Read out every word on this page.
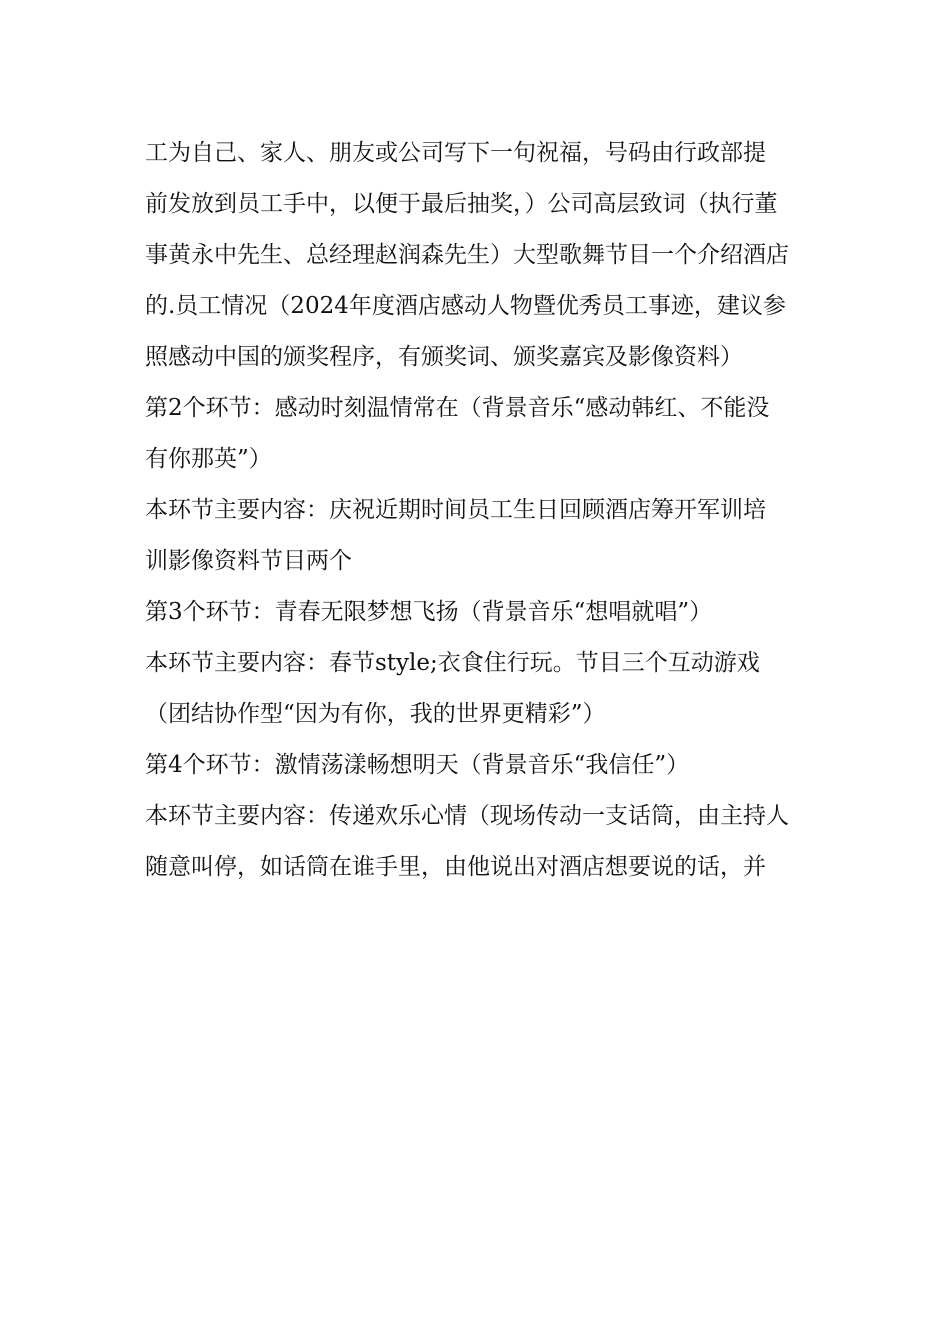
工为自己、家人、朋友或公司写下一句祝福，号码由行政部提
前发放到员工手中，以便于最后抽奖，）公司高层致词（执行董
事黄永中先生、总经理赵润森先生）大型歌舞节目一个介绍酒店
的.员工情况（2024年度酒店感动人物暨优秀员工事迹，建议参
照感动中国的颁奖程序，有颁奖词、颁奖嘉宾及影像资料）
第2个环节：感动时刻温情常在（背景音乐“感动韩红、不能没
有你那英”）
本环节主要内容：庆祝近期时间员工生日回顾酒店筹开军训培
训影像资料节目两个
第3个环节：青春无限梦想飞扬（背景音乐“想唱就唱”）
本环节主要内容：春节style;衣食住行玩。节目三个互动游戏
（团结协作型“因为有你，我的世界更精彩”）
第4个环节：激情荡漾畅想明天（背景音乐“我信任”）
本环节主要内容：传递欢乐心情（现场传动一支话筒，由主持人
随意叫停，如话筒在谁手里，由他说出对酒店想要说的话，并
